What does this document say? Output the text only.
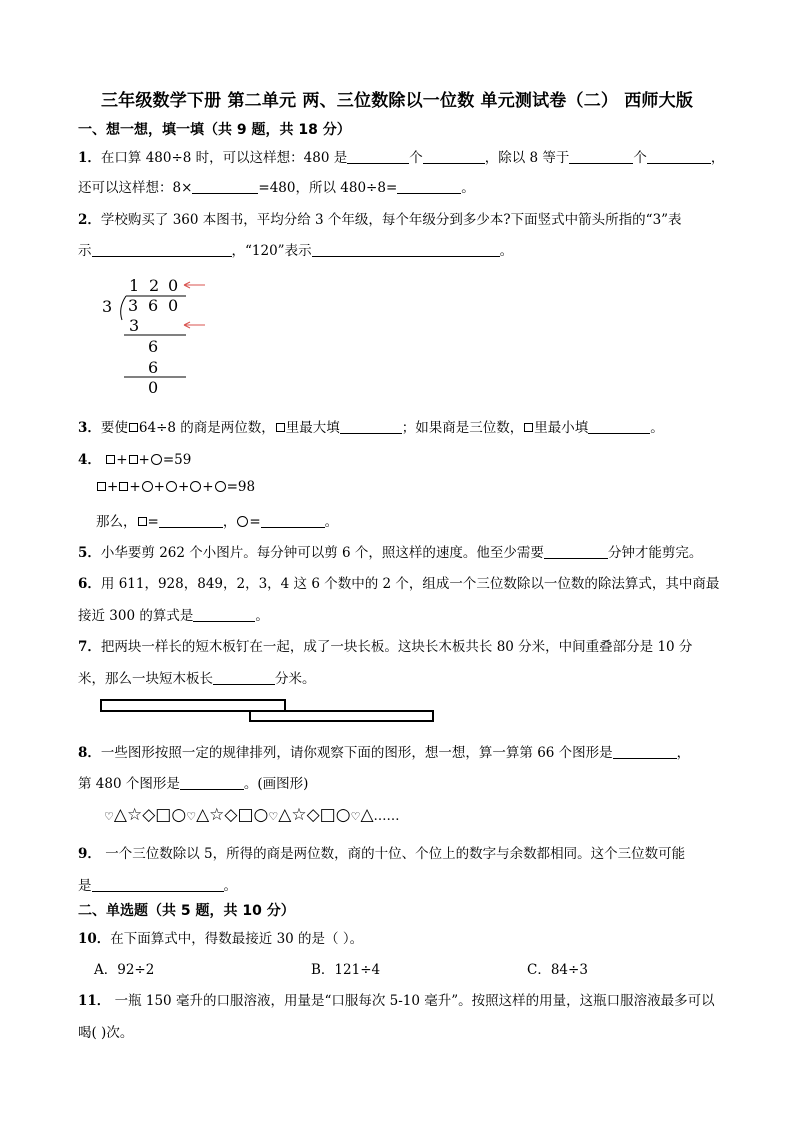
三年级数学下册 第二单元 两、三位数除以一位数 单元测试卷（二） 西师大版
一、想一想，填一填（共 9 题，共 18 分）
1．在口算 480÷8 时，可以这样想：480 是	个	，除以 8 等于	个	，
还可以这样想：8×	=480，所以 480÷8=	。
2．学校购买了 360 本图书，平均分给 3 个年级，每个年级分到多少本?下面竖式中箭头所指的“3”表
示	，“120”表示	。
1 2 0
3 3 6 0
3
6
6
0
3．要使 64÷8 的商是两位数， 里最大填	；如果商是三位数， 里最小填	。
4． + + =59
+ + + + + =98
那么， =	， =	。
5．小华要剪 262 个小图片。每分钟可以剪 6 个，照这样的速度。他至少需要	分钟才能剪完。
6．用 611，928，849，2，3，4 这 6 个数中的 2 个，组成一个三位数除以一位数的除法算式，其中商最
接近 300 的算式是	。
7．把两块一样长的短木板钉在一起，成了一块长板。这块长木板共长 80 分米，中间重叠部分是 10 分
米，那么一块短木板长	分米。
8．一些图形按照一定的规律排列，请你观察下面的图形，想一想，算一算第 66 个图形是	，
第 480 个图形是	。(画图形)
♡△☆◇□○♡△☆◇□○♡△☆◇□○♡△……
9． 一个三位数除以 5，所得的商是两位数，商的十位、个位上的数字与余数都相同。这个三位数可能
是	。
二、单选题（共 5 题，共 10 分）
10．在下面算式中，得数最接近 30 的是（ ）。
A．92÷2	B．121÷4	C．84÷3
11． 一瓶 150 毫升的口服溶液，用量是“口服每次 5-10 毫升”。按照这样的用量，这瓶口服溶液最多可以
喝( )次。
